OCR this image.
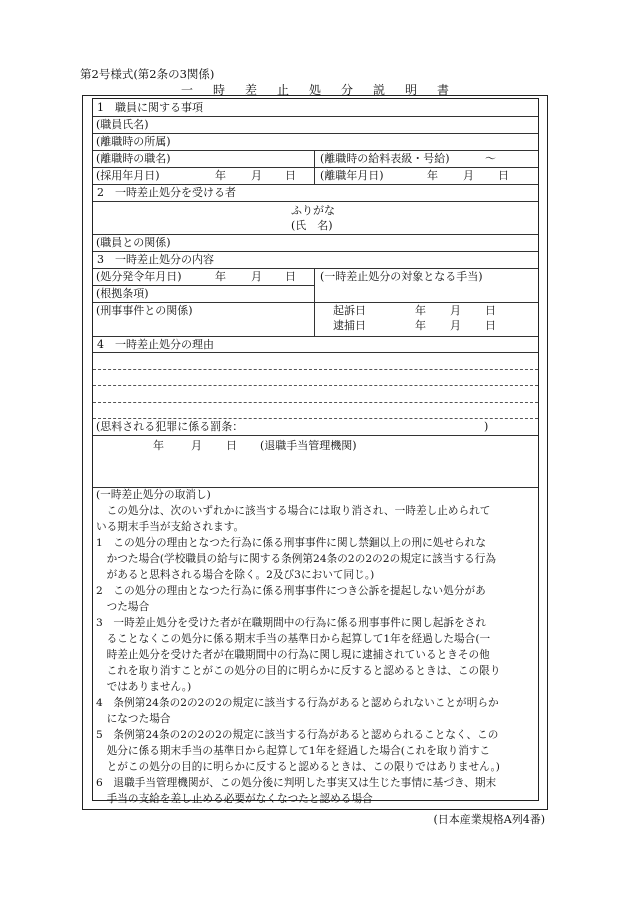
第2号様式(第2条の3関係)
一時差止処分説明書
1　職員に関する事項
(職員氏名)
(離職時の所属)
(離職時の職名)	(離職時の給料表級・号給)	～
(採用年月日)	年 月 日 (離職年月日)	年 月 日
2　一時差止処分を受ける者
ふりがな
(氏　名)
(職員との関係)
3　一時差止処分の内容
(処分発令年月日)	年 月 日 (一時差止処分の対象となる手当)
(根拠条項)
(刑事事件との関係)	起訴日	年 月 日
逮捕日	年 月 日
4　一時差止処分の理由
(思料される犯罪に係る罰条：	)
年 月 日 (退職手当管理機関)
(一時差止処分の取消し)
　この処分は、次のいずれかに該当する場合には取り消され、一時差し止められて
いる期末手当が支給されます。
1　この処分の理由となつた行為に係る刑事事件に関し禁錮以上の刑に処せられな
　かつた場合(学校職員の給与に関する条例第24条の2の2の2の規定に該当する行為
　があると思料される場合を除く。2及び3において同じ。)
2　この処分の理由となつた行為に係る刑事事件につき公訴を提起しない処分があ
　つた場合
3　一時差止処分を受けた者が在職期間中の行為に係る刑事事件に関し起訴をされ
　ることなくこの処分に係る期末手当の基準日から起算して1年を経過した場合(一
　時差止処分を受けた者が在職期間中の行為に関し現に逮捕されているときその他
　これを取り消すことがこの処分の目的に明らかに反すると認めるときは、この限り
　ではありません。)
4　条例第24条の2の2の2の規定に該当する行為があると認められないことが明らか
　になつた場合
5　条例第24条の2の2の2の規定に該当する行為があると認められることなく、この
　処分に係る期末手当の基準日から起算して1年を経過した場合(これを取り消すこ
　とがこの処分の目的に明らかに反すると認めるときは、この限りではありません。)
6　退職手当管理機関が、この処分後に判明した事実又は生じた事情に基づき、期末
　手当の支給を差し止める必要がなくなつたと認める場合
(日本産業規格A列4番)
